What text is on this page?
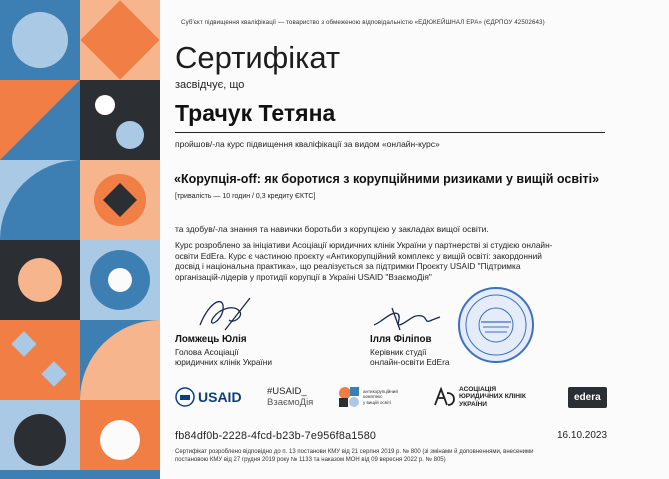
Суб'єкт підвищення кваліфікації — товариство з обмеженою відповідальністю «ЕДЮКЕЙШНАЛ ЕРА» (ЄДРПОУ 42502643)
Сертифікат
засвідчує, що
Трачук Тетяна
пройшов/-ла курс підвищення кваліфікації за видом «онлайн-курс»
«Корупція-off: як боротися з корупційними ризиками у вищій освіті»
[тривалість — 10 годин / 0,3 кредиту ЄКТС]
та здобув/-ла знання та навички боротьби з корупцією у закладах вищої освіти.
Курс розроблено за ініціативи Асоціації юридичних клінік України у партнерстві зі студією онлайн-
освіти EdEra. Курс є частиною проєкту «Антикорупційний комплекс у вищій освіті: закордонний
досвід і національна практика», що реалізується за підтримки Проєкту USAID "Підтримка
організацій-лідерів у протидії корупції в Україні USAID "ВзаємоДія"
Ломжець Юлія
Голова Асоціації
юридичних клінік України
Ілля Філіпов
Керівник студії
онлайн-освіти EdEra
USAID	#USAID_
ВзаємоДія
антикорупційний
комплекс
у вищій освіті
АСОЦІАЦІЯ
ЮРИДИЧНИХ КЛІНІК
УКРАЇНИ
edera
fb84df0b-2228-4fcd-b23b-7e956f8a1580	16.10.2023
Сертифікат розроблено відповідно до п. 13 постанови КМУ від 21 серпня 2019 р. № 800 (зі змінами й доповненнями, внесеними
постановою КМУ від 27 грудня 2019 року № 1133 та наказом МОН від 09 вересня 2022 р. № 805)
